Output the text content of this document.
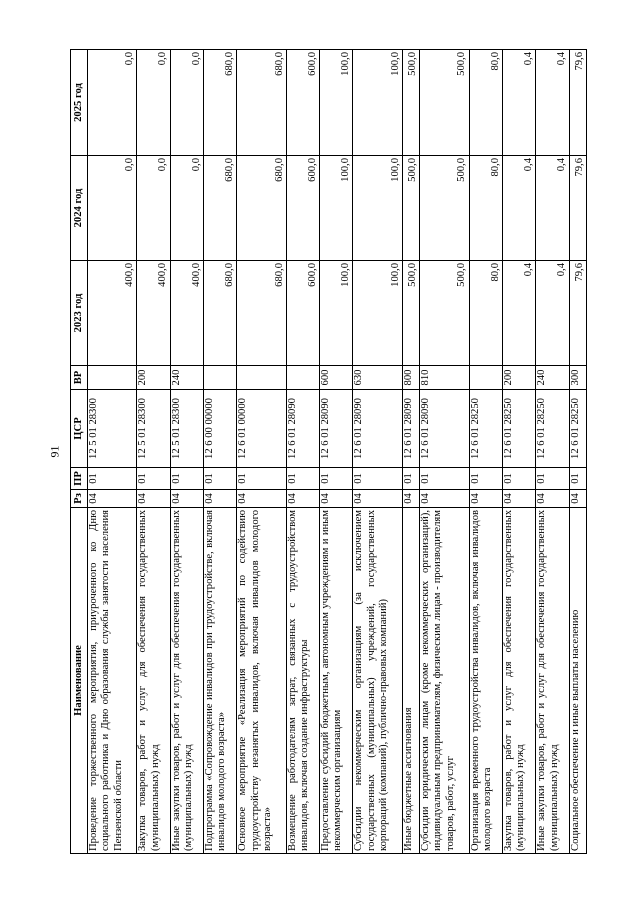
91
Наименование	Рз	ПР	ЦСР	ВР	2023 год	2024 год	2025 год
Проведение торжественного мероприятия, приуроченного ко Дню социального работника и Дню образования службы занятости населения Пензенской области	04	01	12 5 01 28300		400,0	0,0	0,0
Закупка товаров, работ и услуг для обеспечения государственных (муниципальных) нужд	04	01	12 5 01 28300	200	400,0	0,0	0,0
Иные закупки товаров, работ и услуг для обеспечения государственных (муниципальных) нужд	04	01	12 5 01 28300	240	400,0	0,0	0,0
Подпрограмма «Сопровождение инвалидов при трудоустройстве, включая инвалидов молодого возраста»	04	01	12 6 00 00000		680,0	680,0	680,0
Основное мероприятие «Реализация мероприятий по содействию трудоустройству незанятых инвалидов, включая инвалидов молодого возраста»	04	01	12 6 01 00000		680,0	680,0	680,0
Возмещение работодателям затрат, связанных с трудоустройством инвалидов, включая создание инфраструктуры	04	01	12 6 01 28090		600,0	600,0	600,0
Предоставление субсидий бюджетным, автономным учреждениям и иным некоммерческим организациям	04	01	12 6 01 28090	600	100,0	100,0	100,0
Субсидии некоммерческим организациям (за исключением государственных (муниципальных) учреждений, государственных корпораций (компаний), публично-правовых компаний)	04	01	12 6 01 28090	630	100,0	100,0	100,0
Иные бюджетные ассигнования	04	01	12 6 01 28090	800	500,0	500,0	500,0
Субсидии юридическим лицам (кроме некоммерческих организаций), индивидуальным предпринимателям, физическим лицам - производителям товаров, работ, услуг	04	01	12 6 01 28090	810	500,0	500,0	500,0
Организация временного трудоустройства инвалидов, включая инвалидов молодого возраста	04	01	12 6 01 28250		80,0	80,0	80,0
Закупка товаров, работ и услуг для обеспечения государственных (муниципальных) нужд	04	01	12 6 01 28250	200	0,4	0,4	0,4
Иные закупки товаров, работ и услуг для обеспечения государственных (муниципальных) нужд	04	01	12 6 01 28250	240	0,4	0,4	0,4
Социальное обеспечение и иные выплаты населению	04	01	12 6 01 28250	300	79,6	79,6	79,6
